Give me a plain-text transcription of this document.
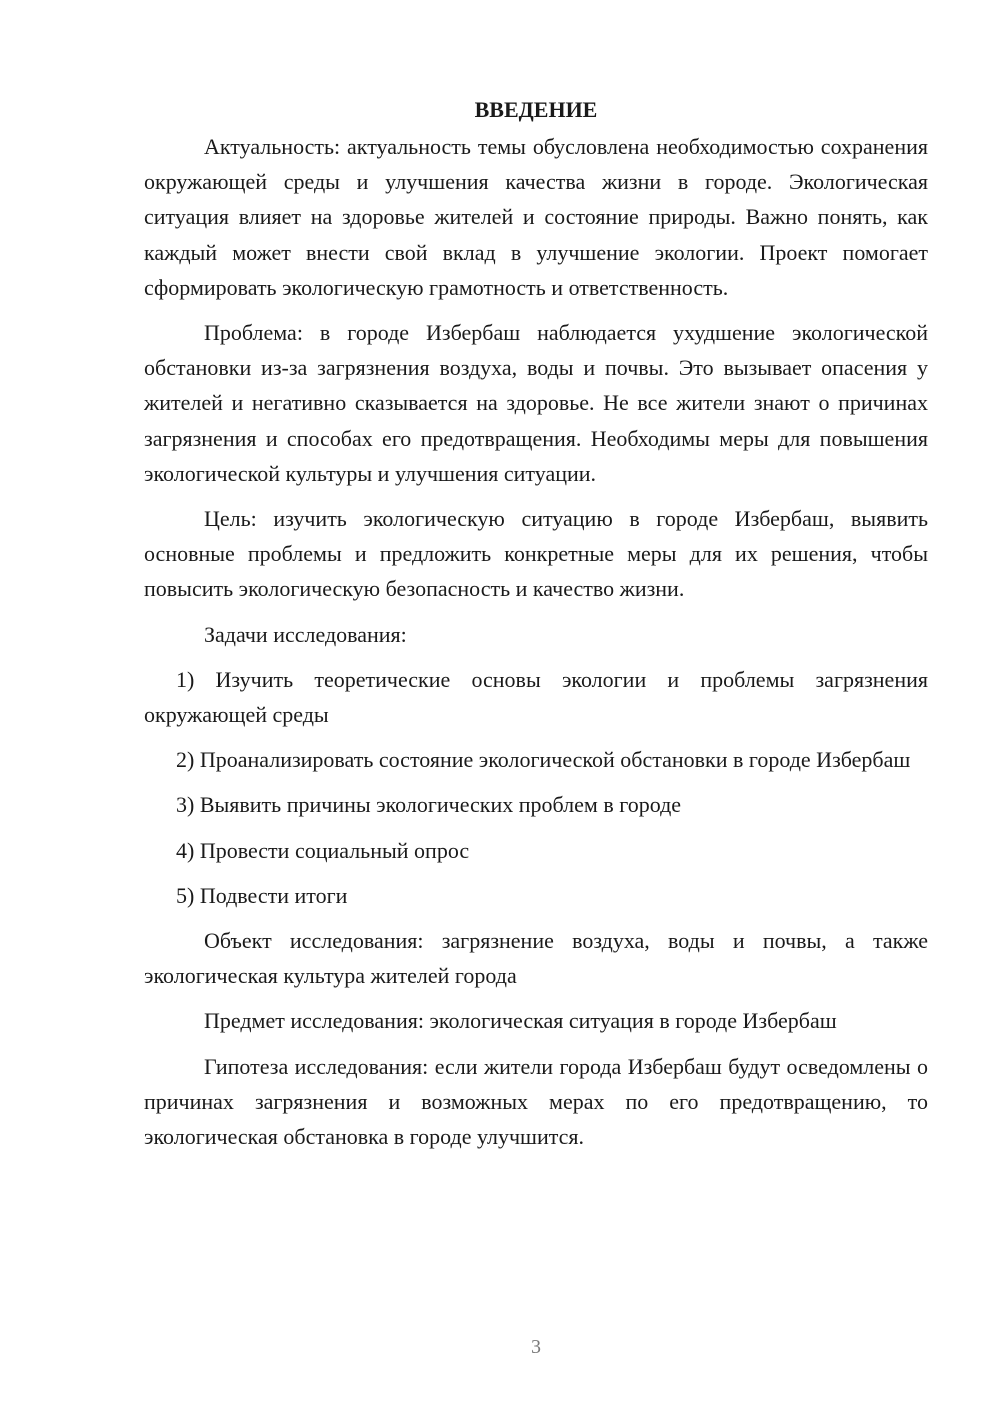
ВВЕДЕНИЕ

Актуальность: актуальность темы обусловлена необходимостью сохранения окружающей среды и улучшения качества жизни в городе. Экологическая ситуация влияет на здоровье жителей и состояние природы. Важно понять, как каждый может внести свой вклад в улучшение экологии. Проект помогает сформировать экологическую грамотность и ответственность.

Проблема: в городе Избербаш наблюдается ухудшение экологической обстановки из-за загрязнения воздуха, воды и почвы. Это вызывает опасения у жителей и негативно сказывается на здоровье. Не все жители знают о причинах загрязнения и способах его предотвращения. Необходимы меры для повышения экологической культуры и улучшения ситуации.

Цель: изучить экологическую ситуацию в городе Избербаш, выявить основные проблемы и предложить конкретные меры для их решения, чтобы повысить экологическую безопасность и качество жизни.

Задачи исследования:

1) Изучить теоретические основы экологии и проблемы загрязнения окружающей среды

2) Проанализировать состояние экологической обстановки в городе Избербаш

3) Выявить причины экологических проблем в городе

4) Провести социальный опрос

5) Подвести итоги

Объект исследования: загрязнение воздуха, воды и почвы, а также экологическая культура жителей города

Предмет исследования: экологическая ситуация в городе Избербаш

Гипотеза исследования: если жители города Избербаш будут осведомлены о причинах загрязнения и возможных мерах по его предотвращению, то экологическая обстановка в городе улучшится.

3
